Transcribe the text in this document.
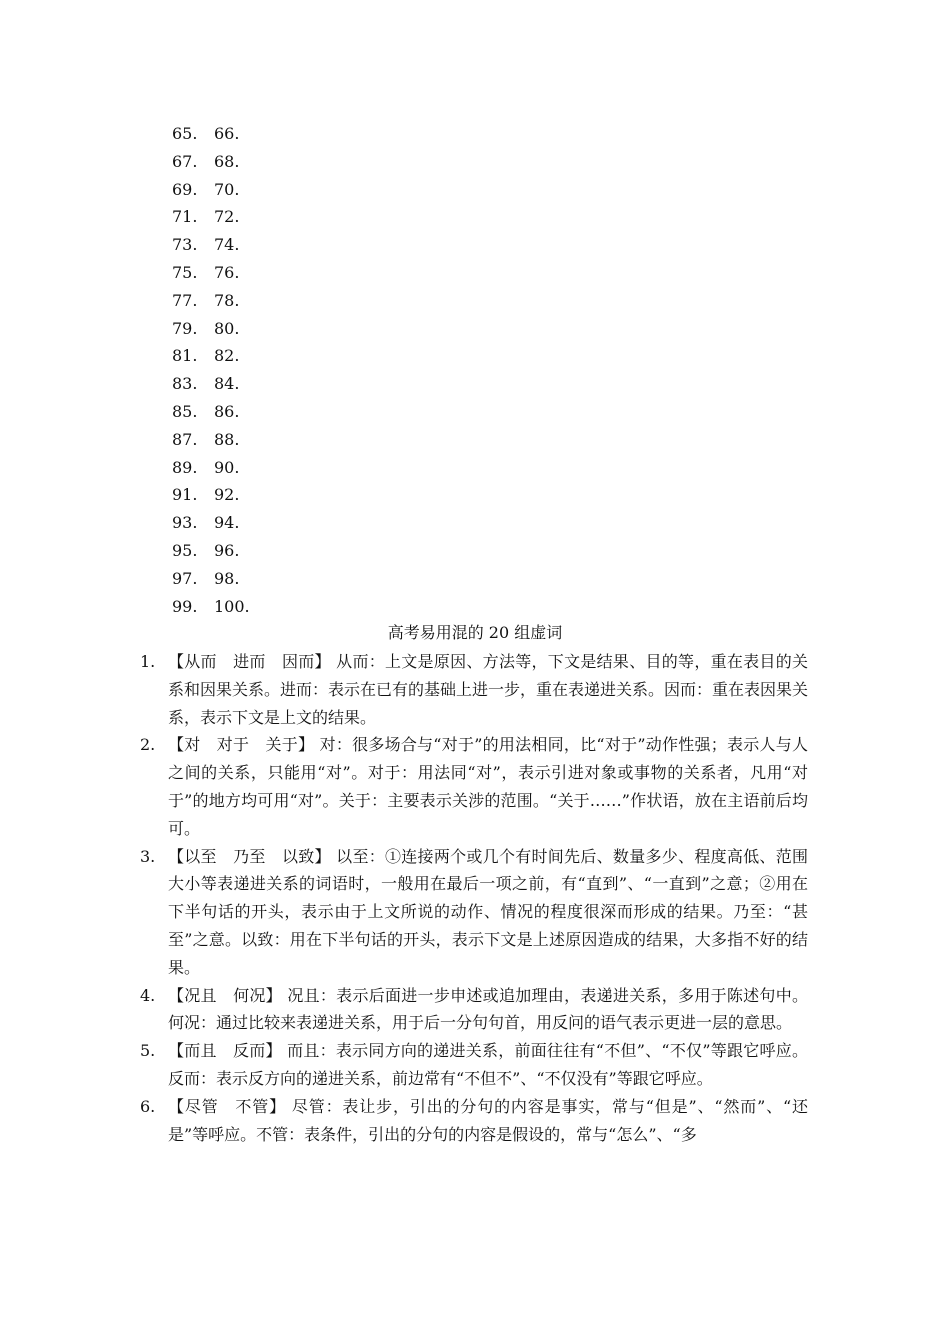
65. 66.
67. 68.
69. 70.
71. 72.
73. 74.
75. 76.
77. 78.
79. 80.
81. 82.
83. 84.
85. 86.
87. 88.
89. 90.
91. 92.
93. 94.
95. 96.
97. 98.
99. 100.
高考易用混的 20 组虚词
1. 【从而　进而　因而】 从而：上文是原因、方法等，下文是结果、目的等，重在表目的关系和因果关系。进而：表示在已有的基础上进一步，重在表递进关系。因而：重在表因果关系，表示下文是上文的结果。
2. 【对　对于　关于】 对：很多场合与“对于”的用法相同，比“对于”动作性强；表示人与人之间的关系，只能用“对”。对于：用法同“对”，表示引进对象或事物的关系者，凡用“对于”的地方均可用“对”。关于：主要表示关涉的范围。“关于……”作状语，放在主语前后均可。
3. 【以至　乃至　以致】 以至：①连接两个或几个有时间先后、数量多少、程度高低、范围大小等表递进关系的词语时，一般用在最后一项之前，有“直到”、“一直到”之意；②用在下半句话的开头，表示由于上文所说的动作、情况的程度很深而形成的结果。乃至：“甚至”之意。以致：用在下半句话的开头，表示下文是上述原因造成的结果，大多指不好的结果。
4. 【况且　何况】 况且：表示后面进一步申述或追加理由，表递进关系，多用于陈述句中。何况：通过比较来表递进关系，用于后一分句句首，用反问的语气表示更进一层的意思。
5. 【而且　反而】 而且：表示同方向的递进关系，前面往往有“不但”、“不仅”等跟它呼应。反而：表示反方向的递进关系，前边常有“不但不”、“不仅没有”等跟它呼应。
6. 【尽管　不管】 尽管：表让步，引出的分句的内容是事实，常与“但是”、“然而”、“还是”等呼应。不管：表条件，引出的分句的内容是假设的，常与“怎么”、“多
